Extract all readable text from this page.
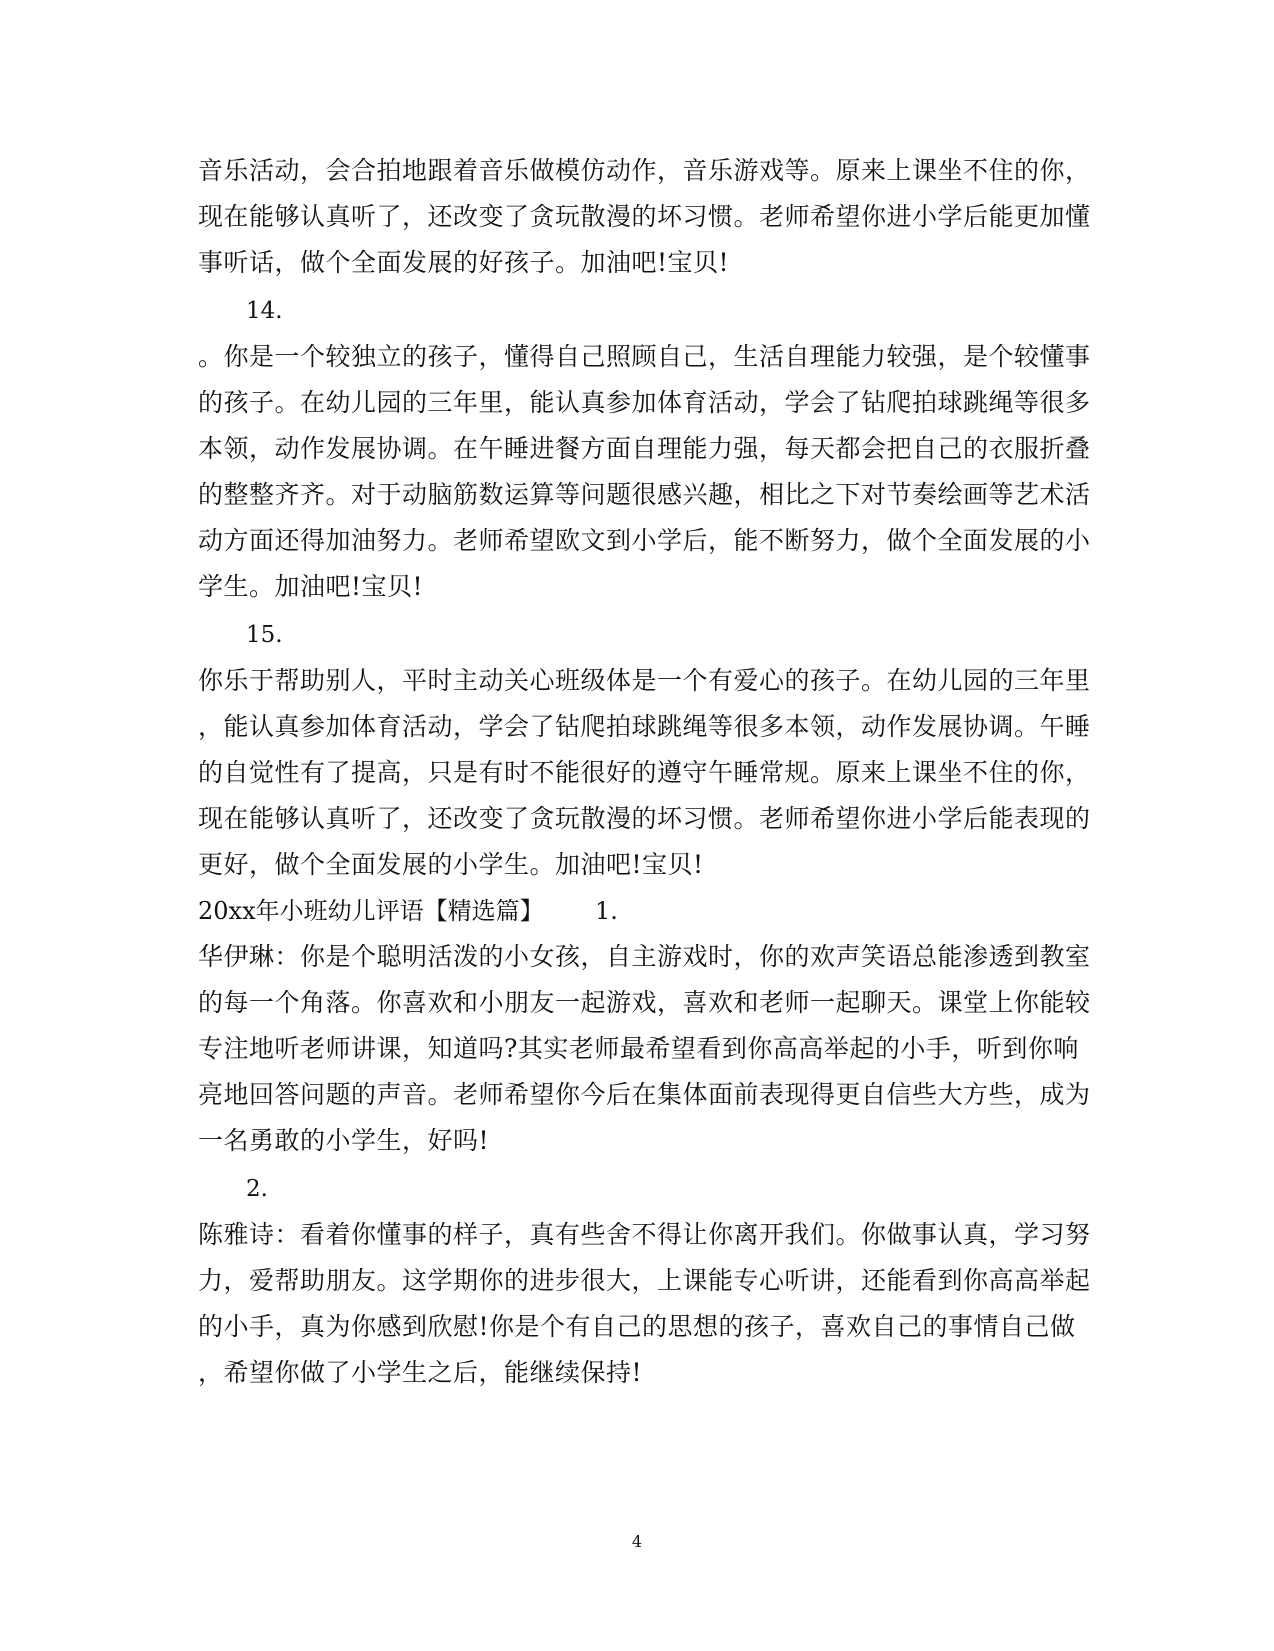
音乐活动，会合拍地跟着音乐做模仿动作，音乐游戏等。原来上课坐不住的你，
现在能够认真听了，还改变了贪玩散漫的坏习惯。老师希望你进小学后能更加懂
事听话，做个全面发展的好孩子。加油吧!宝贝!
14.
。你是一个较独立的孩子，懂得自己照顾自己，生活自理能力较强，是个较懂事
的孩子。在幼儿园的三年里，能认真参加体育活动，学会了钻爬拍球跳绳等很多
本领，动作发展协调。在午睡进餐方面自理能力强，每天都会把自己的衣服折叠
的整整齐齐。对于动脑筋数运算等问题很感兴趣，相比之下对节奏绘画等艺术活
动方面还得加油努力。老师希望欧文到小学后，能不断努力，做个全面发展的小
学生。加油吧!宝贝!
15.
你乐于帮助别人，平时主动关心班级体是一个有爱心的孩子。在幼儿园的三年里
，能认真参加体育活动，学会了钻爬拍球跳绳等很多本领，动作发展协调。午睡
的自觉性有了提高，只是有时不能很好的遵守午睡常规。原来上课坐不住的你，
现在能够认真听了，还改变了贪玩散漫的坏习惯。老师希望你进小学后能表现的
更好，做个全面发展的小学生。加油吧!宝贝!
20xx年小班幼儿评语【精选篇】 1.
华伊琳：你是个聪明活泼的小女孩，自主游戏时，你的欢声笑语总能渗透到教室
的每一个角落。你喜欢和小朋友一起游戏，喜欢和老师一起聊天。课堂上你能较
专注地听老师讲课，知道吗?其实老师最希望看到你高高举起的小手，听到你响
亮地回答问题的声音。老师希望你今后在集体面前表现得更自信些大方些，成为
一名勇敢的小学生，好吗!
2.
陈雅诗：看着你懂事的样子，真有些舍不得让你离开我们。你做事认真，学习努
力，爱帮助朋友。这学期你的进步很大，上课能专心听讲，还能看到你高高举起
的小手，真为你感到欣慰!你是个有自己的思想的孩子，喜欢自己的事情自己做
，希望你做了小学生之后，能继续保持!
4
